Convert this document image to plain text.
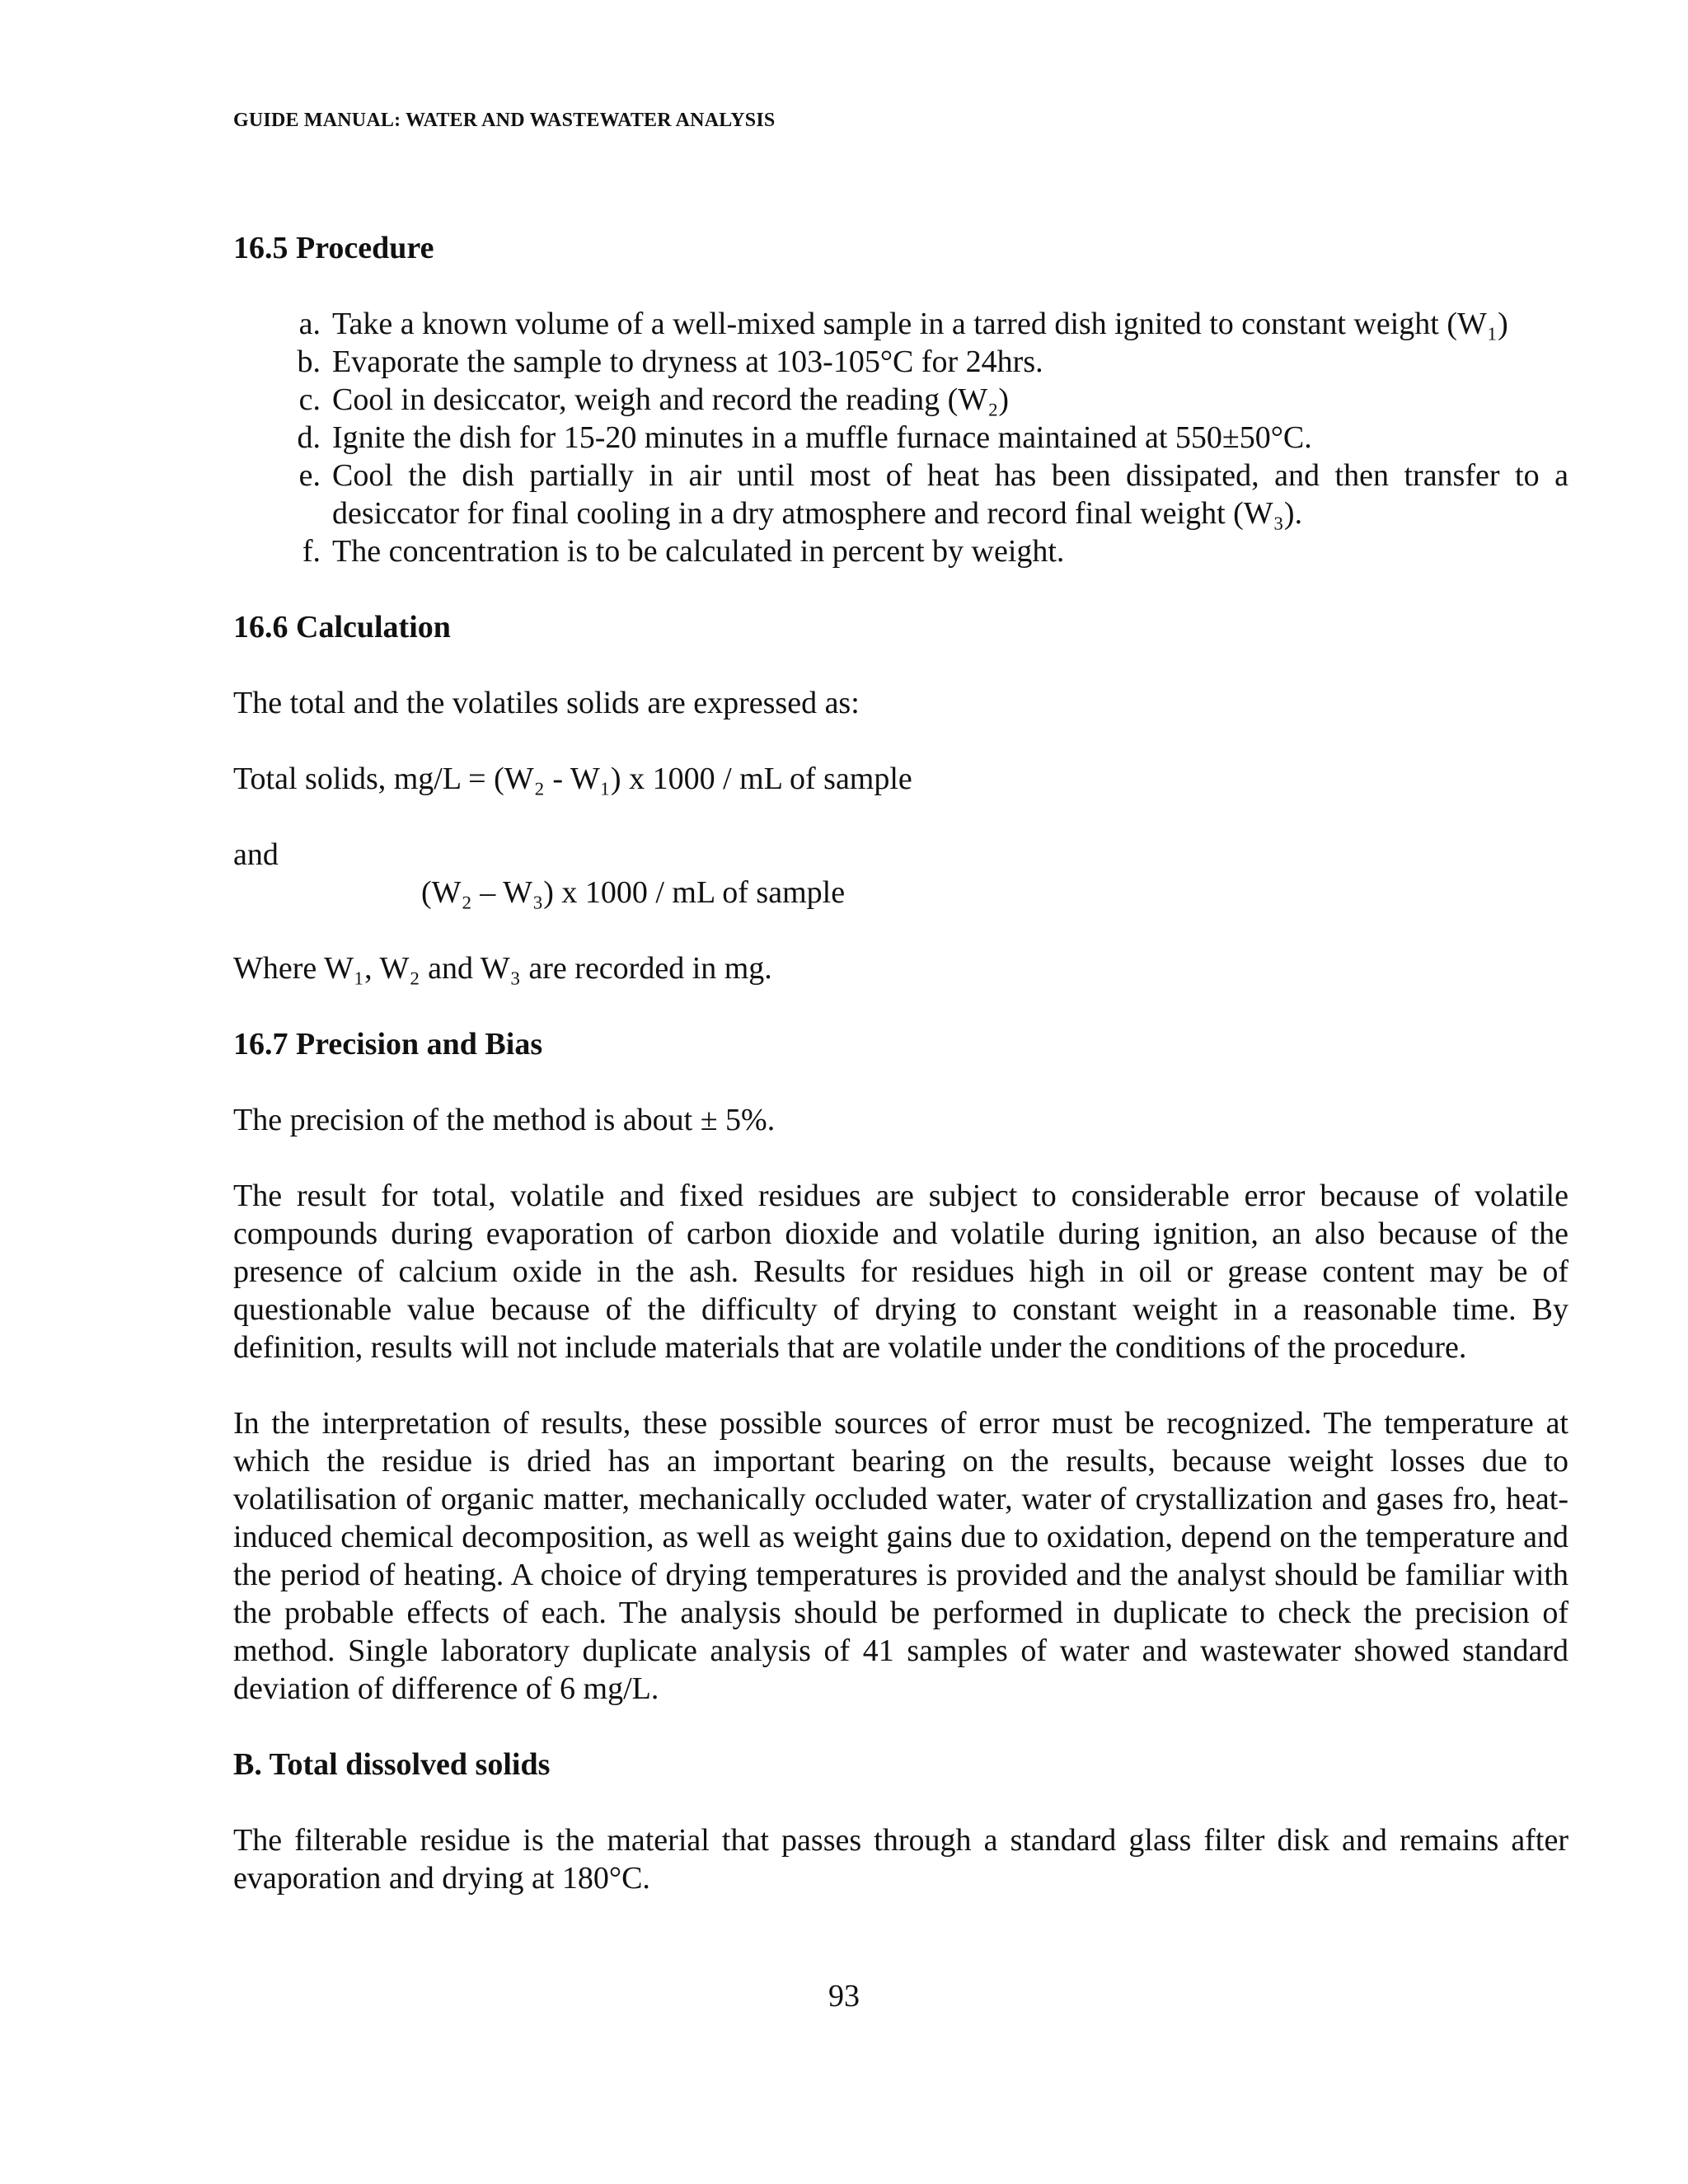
GUIDE MANUAL: WATER AND WASTEWATER ANALYSIS
16.5 Procedure
a. Take a known volume of a well-mixed sample in a tarred dish ignited to constant weight (W₁)
b. Evaporate the sample to dryness at 103-105°C for 24hrs.
c. Cool in desiccator, weigh and record the reading (W₂)
d. Ignite the dish for 15-20 minutes in a muffle furnace maintained at 550±50°C.
e. Cool the dish partially in air until most of heat has been dissipated, and then transfer to a desiccator for final cooling in a dry atmosphere and record final weight (W₃).
f. The concentration is to be calculated in percent by weight.
16.6 Calculation

The total and the volatiles solids are expressed as:

Total solids, mg/L = (W₂ - W₁) x 1000 / mL of sample

and

(W₂ – W₃) x 1000 / mL of sample

Where W₁, W₂ and W₃ are recorded in mg.

16.7 Precision and Bias

The precision of the method is about ± 5%.

The result for total, volatile and fixed residues are subject to considerable error because of volatile compounds during evaporation of carbon dioxide and volatile during ignition, an also because of the presence of calcium oxide in the ash. Results for residues high in oil or grease content may be of questionable value because of the difficulty of drying to constant weight in a reasonable time. By definition, results will not include materials that are volatile under the conditions of the procedure.

In the interpretation of results, these possible sources of error must be recognized. The temperature at which the residue is dried has an important bearing on the results, because weight losses due to volatilisation of organic matter, mechanically occluded water, water of crystallization and gases fro, heat-induced chemical decomposition, as well as weight gains due to oxidation, depend on the temperature and the period of heating. A choice of drying temperatures is provided and the analyst should be familiar with the probable effects of each. The analysis should be performed in duplicate to check the precision of method. Single laboratory duplicate analysis of 41 samples of water and wastewater showed standard deviation of difference of 6 mg/L.

B. Total dissolved solids

The filterable residue is the material that passes through a standard glass filter disk and remains after evaporation and drying at 180°C.

93
